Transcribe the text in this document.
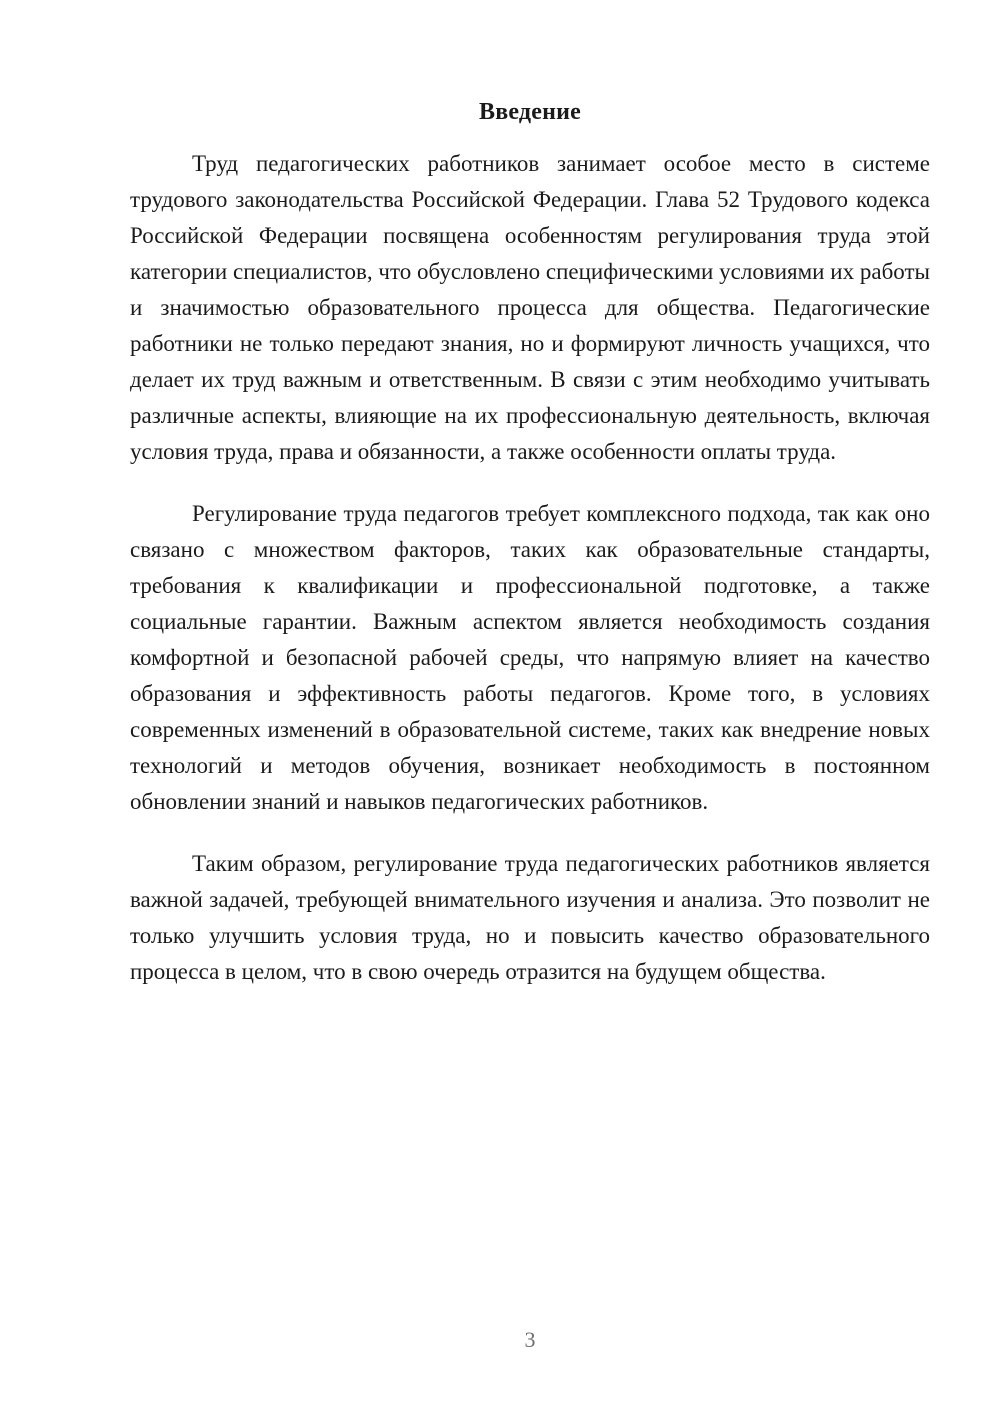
Введение

Труд педагогических работников занимает особое место в системе трудового законодательства Российской Федерации. Глава 52 Трудового кодекса Российской Федерации посвящена особенностям регулирования труда этой категории специалистов, что обусловлено специфическими условиями их работы и значимостью образовательного процесса для общества. Педагогические работники не только передают знания, но и формируют личность учащихся, что делает их труд важным и ответственным. В связи с этим необходимо учитывать различные аспекты, влияющие на их профессиональную деятельность, включая условия труда, права и обязанности, а также особенности оплаты труда.

Регулирование труда педагогов требует комплексного подхода, так как оно связано с множеством факторов, таких как образовательные стандарты, требования к квалификации и профессиональной подготовке, а также социальные гарантии. Важным аспектом является необходимость создания комфортной и безопасной рабочей среды, что напрямую влияет на качество образования и эффективность работы педагогов. Кроме того, в условиях современных изменений в образовательной системе, таких как внедрение новых технологий и методов обучения, возникает необходимость в постоянном обновлении знаний и навыков педагогических работников.

Таким образом, регулирование труда педагогических работников является важной задачей, требующей внимательного изучения и анализа. Это позволит не только улучшить условия труда, но и повысить качество образовательного процесса в целом, что в свою очередь отразится на будущем общества.

3
